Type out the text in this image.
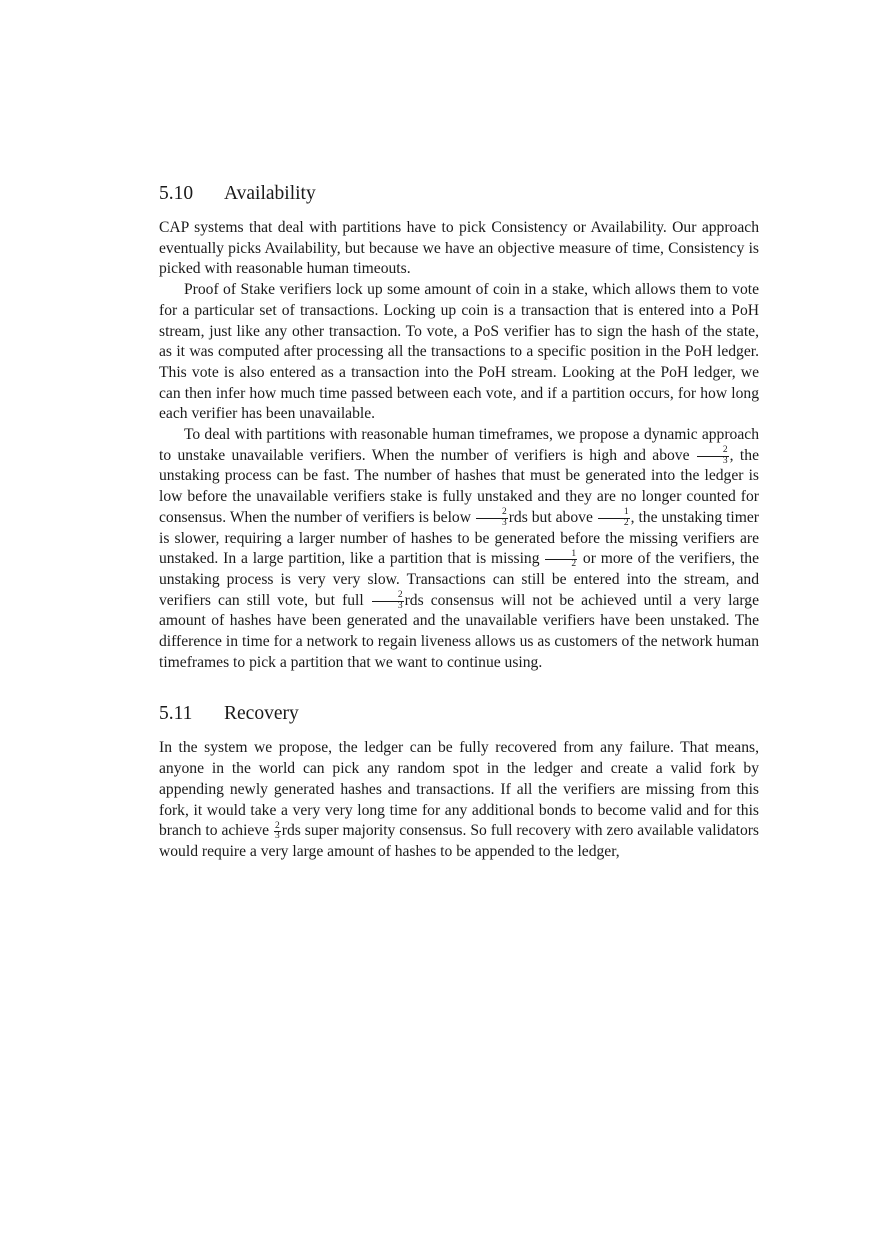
5.10 Availability

CAP systems that deal with partitions have to pick Consistency or Availability. Our approach eventually picks Availability, but because we have an objective measure of time, Consistency is picked with reasonable human timeouts.

Proof of Stake verifiers lock up some amount of coin in a stake, which allows them to vote for a particular set of transactions. Locking up coin is a transaction that is entered into a PoH stream, just like any other transaction. To vote, a PoS verifier has to sign the hash of the state, as it was computed after processing all the transactions to a specific position in the PoH ledger. This vote is also entered as a transaction into the PoH stream. Looking at the PoH ledger, we can then infer how much time passed between each vote, and if a partition occurs, for how long each verifier has been unavailable.

To deal with partitions with reasonable human timeframes, we propose a dynamic approach to unstake unavailable verifiers. When the number of verifiers is high and above $\frac{2}{3}$ , the unstaking process can be fast. The number of hashes that must be generated into the ledger is low before the unavailable verifiers stake is fully unstaked and they are no longer counted for consensus. When the number of verifiers is below $\frac{2}{3}$ rds but above $\frac{1}{2}$ , the unstaking timer is slower, requiring a larger number of hashes to be generated before the missing verifiers are unstaked. In a large partition, like a partition that is missing $\frac{1}{2}$ or more of the verifiers, the unstaking process is very very slow. Transactions can still be entered into the stream, and verifiers can still vote, but full $\frac{2}{3}$ rds consensus will not be achieved until a very large amount of hashes have been generated and the unavailable verifiers have been unstaked. The difference in time for a network to regain liveness allows us as customers of the network human timeframes to pick a partition that we want to continue using.

5.11 Recovery

In the system we propose, the ledger can be fully recovered from any failure. That means, anyone in the world can pick any random spot in the ledger and create a valid fork by appending newly generated hashes and transactions. If all the verifiers are missing from this fork, it would take a very very long time for any additional bonds to become valid and for this branch to achieve $\frac{2}{3}$ rds super majority consensus. So full recovery with zero available validators would require a very large amount of hashes to be appended to the ledger,
